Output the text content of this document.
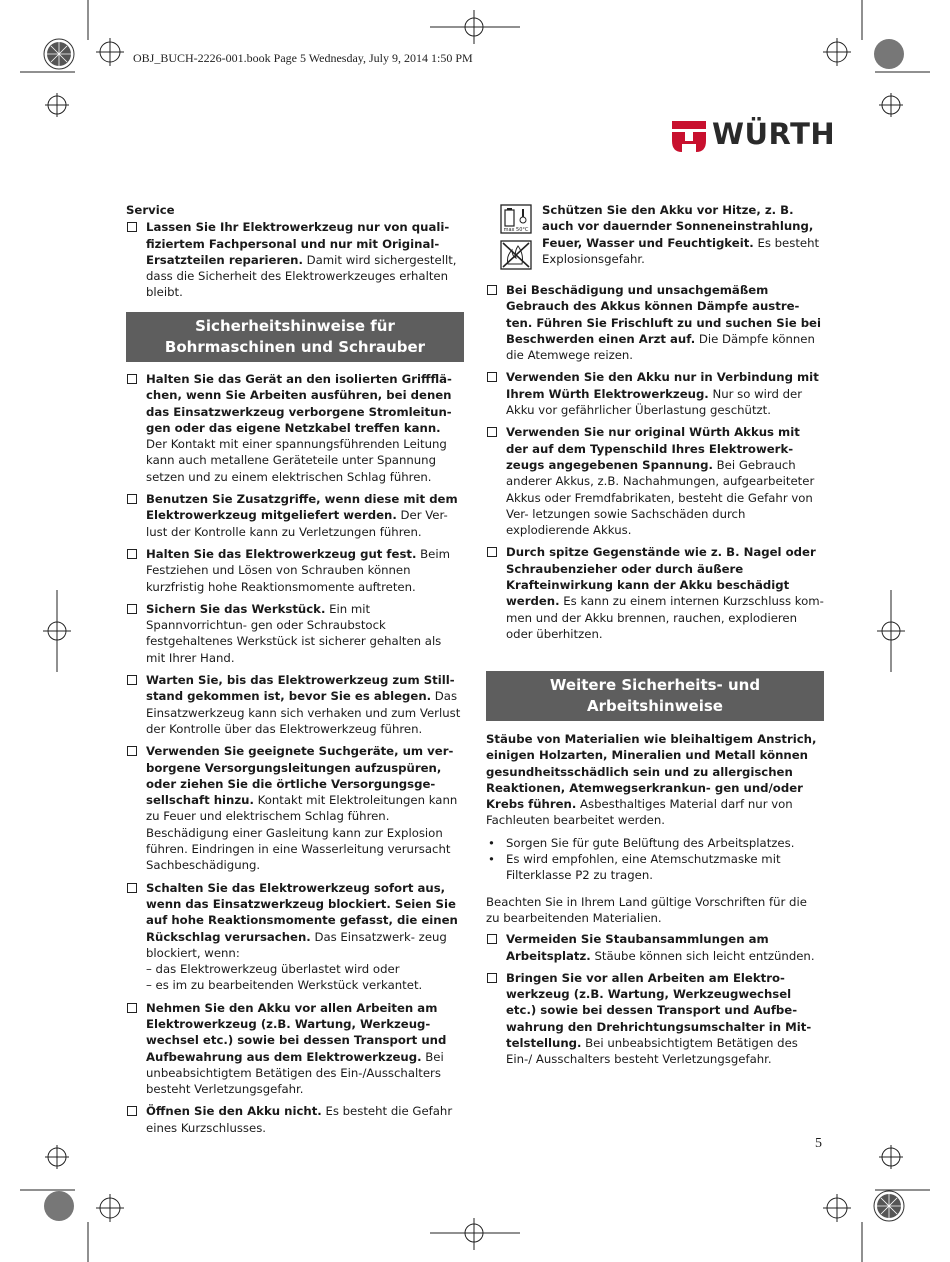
OBJ_BUCH-2226-001.book Page 5 Wednesday, July 9, 2014 1:50 PM
WÜRTH

Service

Lassen Sie Ihr Elektrowerkzeug nur von quali- fiziertem Fachpersonal und nur mit Original- Ersatzteilen reparieren. Damit wird sichergestellt, dass die Sicherheit des Elektrowerkzeuges erhalten bleibt.
Sicherheitshinweise für Bohrmaschinen und Schrauber
Halten Sie das Gerät an den isolierten Griffflä- chen, wenn Sie Arbeiten ausführen, bei denen das Einsatzwerkzeug verborgene Stromleitun- gen oder das eigene Netzkabel treffen kann. Der Kontakt mit einer spannungsführenden Leitung kann auch metallene Geräteteile unter Spannung setzen und zu einem elektrischen Schlag führen.
Benutzen Sie Zusatzgriffe, wenn diese mit dem Elektrowerkzeug mitgeliefert werden. Der Ver- lust der Kontrolle kann zu Verletzungen führen.
Halten Sie das Elektrowerkzeug gut fest. Beim Festziehen und Lösen von Schrauben können kurzfristig hohe Reaktionsmomente auftreten.
Sichern Sie das Werkstück. Ein mit Spannvorrichtun- gen oder Schraubstock festgehaltenes Werkstück ist sicherer gehalten als mit Ihrer Hand.
Warten Sie, bis das Elektrowerkzeug zum Still- stand gekommen ist, bevor Sie es ablegen. Das Einsatzwerkzeug kann sich verhaken und zum Verlust der Kontrolle über das Elektrowerkzeug führen.
Verwenden Sie geeignete Suchgeräte, um ver- borgene Versorgungsleitungen aufzuspüren, oder ziehen Sie die örtliche Versorgungsge- sellschaft hinzu. Kontakt mit Elektroleitungen kann zu Feuer und elektrischem Schlag führen. Beschädigung einer Gasleitung kann zur Explosion führen. Eindringen in eine Wasserleitung verursacht Sachbeschädigung.
Schalten Sie das Elektrowerkzeug sofort aus, wenn das Einsatzwerkzeug blockiert. Seien Sie auf hohe Reaktionsmomente gefasst, die einen Rückschlag verursachen. Das Einsatzwerk- zeug blockiert, wenn:
– das Elektrowerkzeug überlastet wird oder
– es im zu bearbeitenden Werkstück verkantet.
Nehmen Sie den Akku vor allen Arbeiten am Elektrowerkzeug (z.B. Wartung, Werkzeug- wechsel etc.) sowie bei dessen Transport und Aufbewahrung aus dem Elektrowerkzeug. Bei unbeabsichtigtem Betätigen des Ein-/Ausschalters besteht Verletzungsgefahr.
Öffnen Sie den Akku nicht. Es besteht die Gefahr eines Kurzschlusses.
max 50°C

Schützen Sie den Akku vor Hitze, z. B. auch vor dauernder Sonneneinstrahlung, Feuer, Wasser und Feuchtigkeit. Es besteht Explosionsgefahr.

Bei Beschädigung und unsachgemäßem Gebrauch des Akkus können Dämpfe austre- ten. Führen Sie Frischluft zu und suchen Sie bei Beschwerden einen Arzt auf. Die Dämpfe können die Atemwege reizen.
Verwenden Sie den Akku nur in Verbindung mit Ihrem Würth Elektrowerkzeug. Nur so wird der Akku vor gefährlicher Überlastung geschützt.
Verwenden Sie nur original Würth Akkus mit der auf dem Typenschild Ihres Elektrowerk- zeugs angegebenen Spannung. Bei Gebrauch anderer Akkus, z.B. Nachahmungen, aufgearbeiteter Akkus oder Fremdfabrikaten, besteht die Gefahr von Ver- letzungen sowie Sachschäden durch explodierende Akkus.
Durch spitze Gegenstände wie z. B. Nagel oder Schraubenzieher oder durch äußere Krafteinwirkung kann der Akku beschädigt werden. Es kann zu einem internen Kurzschluss kom- men und der Akku brennen, rauchen, explodieren oder überhitzen.
Weitere Sicherheits- und Arbeitshinweise

Stäube von Materialien wie bleihaltigem Anstrich, einigen Holzarten, Mineralien und Metall können gesundheitsschädlich sein und zu allergischen Reaktionen, Atemwegserkrankun- gen und/oder Krebs führen. Asbesthaltiges Material darf nur von Fachleuten bearbeitet werden.

• Sorgen Sie für gute Belüftung des Arbeitsplatzes.
• Es wird empfohlen, eine Atemschutzmaske mit Filterklasse P2 zu tragen.

Beachten Sie in Ihrem Land gültige Vorschriften für die zu bearbeitenden Materialien.

Vermeiden Sie Staubansammlungen am Arbeitsplatz. Stäube können sich leicht entzünden.
Bringen Sie vor allen Arbeiten am Elektro- werkzeug (z.B. Wartung, Werkzeugwechsel etc.) sowie bei dessen Transport und Aufbe- wahrung den Drehrichtungsumschalter in Mit- telstellung. Bei unbeabsichtigtem Betätigen des Ein-/ Ausschalters besteht Verletzungsgefahr.
5
